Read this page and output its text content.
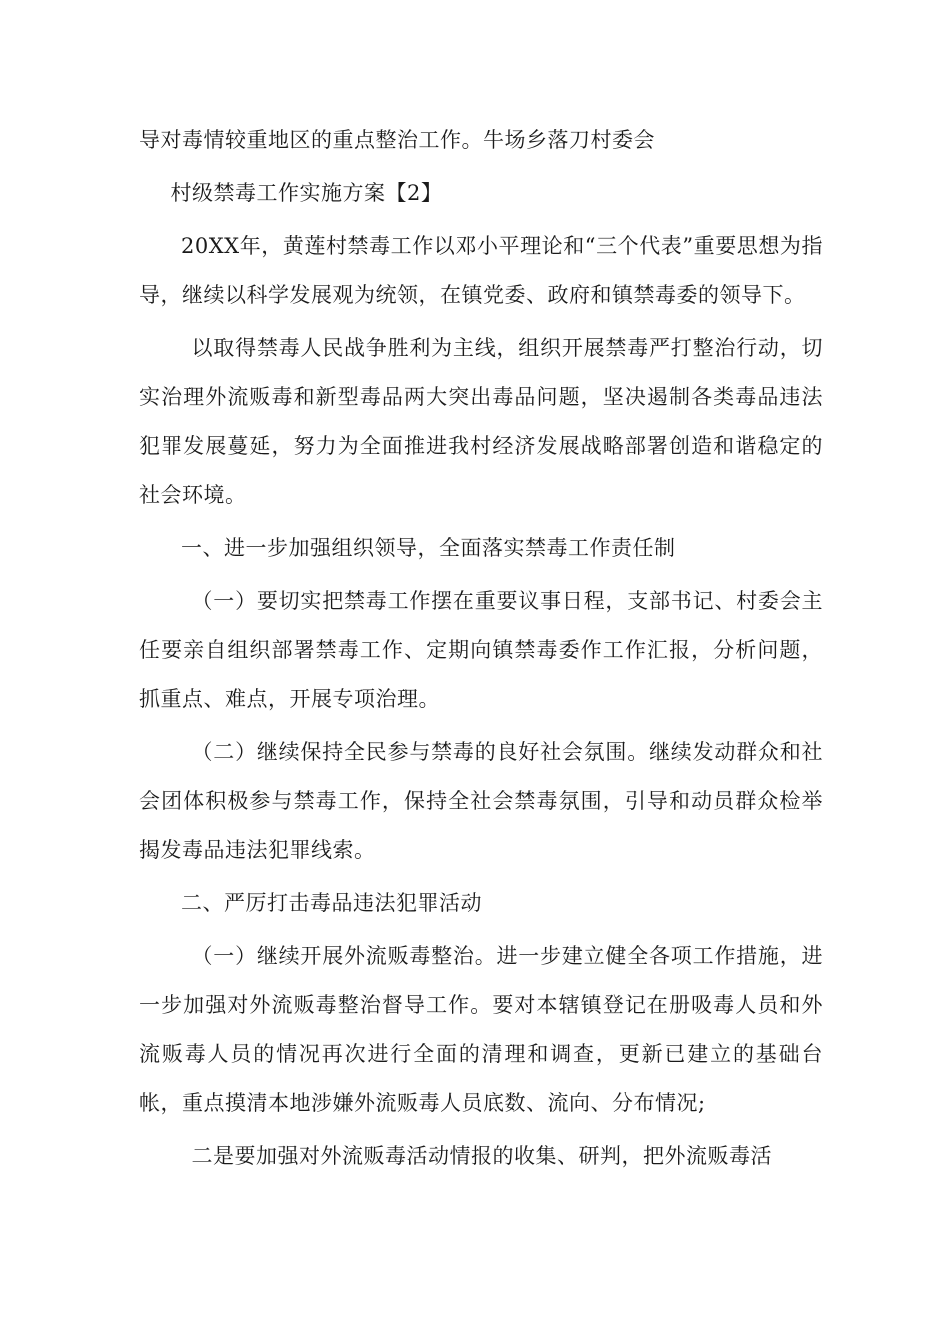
导对毒情较重地区的重点整治工作。牛场乡落刀村委会

村级禁毒工作实施方案【2】

20XX年，黄莲村禁毒工作以邓小平理论和“三个代表”重要思想为指导，继续以科学发展观为统领，在镇党委、政府和镇禁毒委的领导下。

以取得禁毒人民战争胜利为主线，组织开展禁毒严打整治行动，切实治理外流贩毒和新型毒品两大突出毒品问题，坚决遏制各类毒品违法犯罪发展蔓延，努力为全面推进我村经济发展战略部署创造和谐稳定的社会环境。

一、进一步加强组织领导，全面落实禁毒工作责任制

（一）要切实把禁毒工作摆在重要议事日程，支部书记、村委会主任要亲自组织部署禁毒工作、定期向镇禁毒委作工作汇报，分析问题，抓重点、难点，开展专项治理。

（二）继续保持全民参与禁毒的良好社会氛围。继续发动群众和社会团体积极参与禁毒工作，保持全社会禁毒氛围，引导和动员群众检举揭发毒品违法犯罪线索。

二、严厉打击毒品违法犯罪活动

（一）继续开展外流贩毒整治。进一步建立健全各项工作措施，进一步加强对外流贩毒整治督导工作。要对本辖镇登记在册吸毒人员和外流贩毒人员的情况再次进行全面的清理和调查，更新已建立的基础台帐，重点摸清本地涉嫌外流贩毒人员底数、流向、分布情况;

二是要加强对外流贩毒活动情报的收集、研判，把外流贩毒活
